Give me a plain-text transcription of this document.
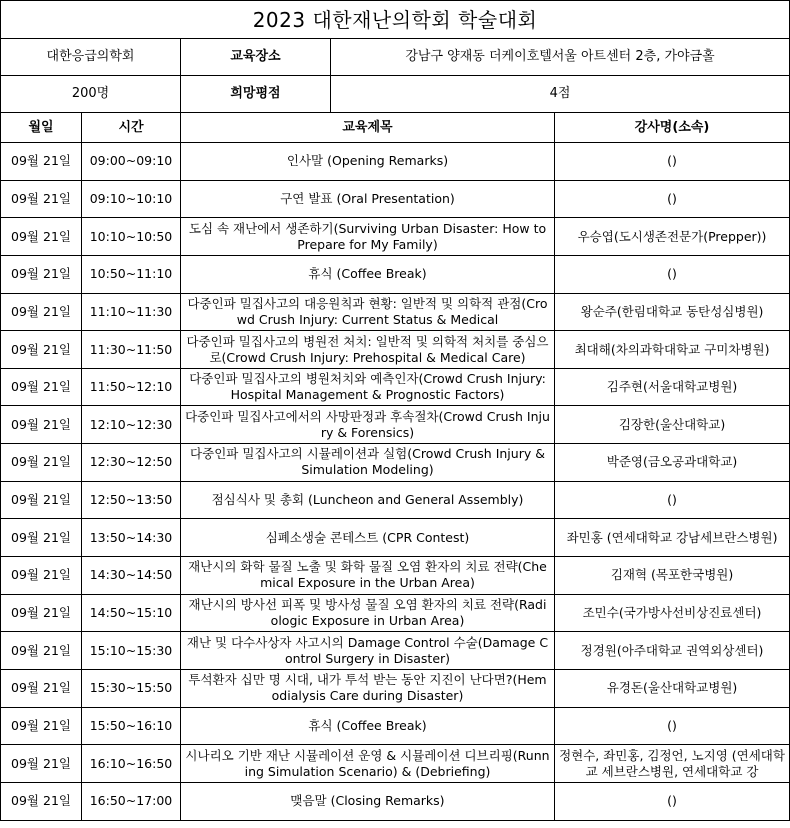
2023 대한재난의학회 학술대회				
대한응급의학회		교육장소	강남구 양재동 더케이호텔서울 아트센터 2층, 가야금홀	
200명		희망평점	4점	
월일	시간	교육제목		강사명(소속)

09월 21일	09:00~09:10	인사말 (Opening Remarks)		()

09월 21일	09:10~10:10	구연 발표 (Oral Presentation)		()

09월 21일	10:10~10:50	도심 속 재난에서 생존하기(Surviving Urban Disaster: How to Prepare for My Family)		우승엽(도시생존전문가(Prepper))

09월 21일	10:50~11:10	휴식 (Coffee Break)		()

09월 21일	11:10~11:30	다중인파 밀집사고의 대응원칙과 현황: 일반적 및 의학적 관점(Crowd Crush Injury: Current Status & Medical		왕순주(한림대학교 동탄성심병원)

09월 21일	11:30~11:50	다중인파 밀집사고의 병원전 처치: 일반적 및 의학적 처치를 중심으로(Crowd Crush Injury: Prehospital & Medical Care)		최대해(차의과학대학교 구미차병원)

09월 21일	11:50~12:10	다중인파 밀집사고의 병원처치와 예측인자(Crowd Crush Injury: Hospital Management & Prognostic Factors)		김주현(서울대학교병원)

09월 21일	12:10~12:30	다중인파 밀집사고에서의 사망판정과 후속절차(Crowd Crush Injury & Forensics)		김장한(울산대학교)

09월 21일	12:30~12:50	다중인파 밀집사고의 시뮬레이션과 실험(Crowd Crush Injury & Simulation Modeling)		박준영(금오공과대학교)

09월 21일	12:50~13:50	점심식사 및 총회 (Luncheon and General Assembly)		()

09월 21일	13:50~14:30	심폐소생술 콘테스트 (CPR Contest)		좌민홍 (연세대학교 강남세브란스병원)

09월 21일	14:30~14:50	재난시의 화학 물질 노출 및 화학 물질 오염 환자의 치료 전략(Chemical Exposure in the Urban Area)		김재혁 (목포한국병원)

09월 21일	14:50~15:10	재난시의 방사선 피폭 및 방사성 물질 오염 환자의 치료 전략(Radiologic Exposure in Urban Area)		조민수(국가방사선비상진료센터)

09월 21일	15:10~15:30	재난 및 다수사상자 사고시의 Damage Control 수술(Damage Control Surgery in Disaster)		정경원(아주대학교 권역외상센터)

09월 21일	15:30~15:50	투석환자 십만 명 시대, 내가 투석 받는 동안 지진이 난다면?(Hemodialysis Care during Disaster)		유경돈(울산대학교병원)

09월 21일	15:50~16:10	휴식 (Coffee Break)		()

09월 21일	16:10~16:50	시나리오 기반 재난 시뮬레이션 운영 & 시뮬레이션 디브리핑(Running Simulation Scenario) & (Debriefing)		정현수, 좌민홍, 김정언, 노지영 (연세대학교 세브란스병원, 연세대학교 강

09월 21일	16:50~17:00	맺음말 (Closing Remarks)		()
